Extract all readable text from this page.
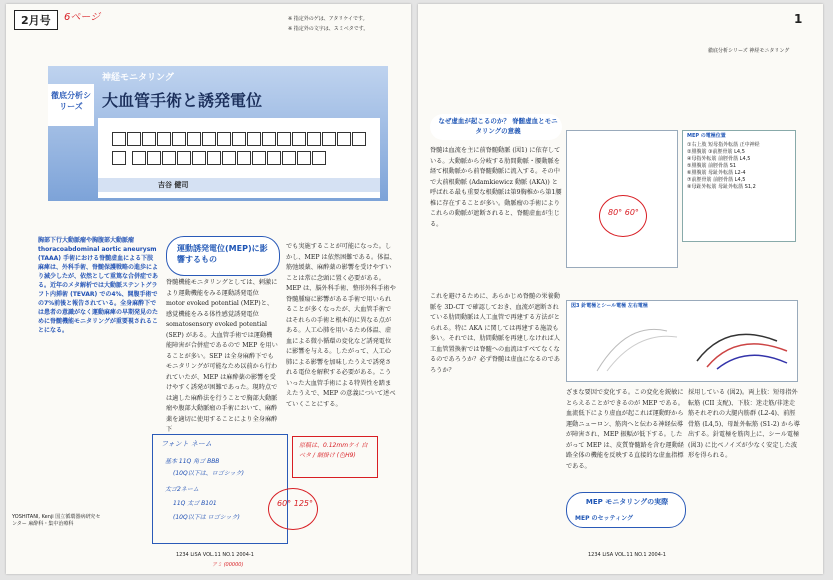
2月号	6ページ	※ 指定外のゲは、アタリケイです。
※ 指定外の文字は、スミベタです。
神経モニタリング
徹底分析シリーズ	大血管手術と誘発電位

吉谷 健司
胸部下行大動脈瘤や胸腹部大動脈瘤 thoracoabdominal aortic aneurysm (TAAA) 手術における脊髄虚血による下肢麻痺は、外科手術、脊髄保護戦略の進歩により減少したが、依然として重篤な合併症である。近年のメタ解析では大動脈ステントグラフト内挿術 (TEVAR) での4%、開腹手術での7%前後と報告されている。全身麻酔下では患者の意識がなく運動麻痺の早期発見のために脊髄機能モニタリングが重要視されることになる。
運動誘発電位(MEP)に影響するもの
脊髄機能モニタリングとしては、刺激により運動機能をみる運動誘発電位 motor evoked potential (MEP)と、感覚機能をみる体性感覚誘発電位 somatosensory evoked potential (SEP) がある。大血管手術では運動機能障害が合併症であるので MEP を用いることが多い。SEP は全身麻酔下でもモニタリングが可能なため以前から行われていたが、MEP は麻酔薬の影響を受けやすく誘発が困難であった。現時点では適した麻酔法を行うことで胸部大動脈瘤や腹部大動脈瘤の手術において、麻酔薬を適切に使用することにより全身麻酔下
でも実施することが可能になった。しかし、MEP は依然困難である。体温、筋弛緩薬、麻酔薬の影響を受けやすいことは常に念頭に置く必要がある。MEP は、脳外科手術、整形外科手術や脊髄腫瘍に影響がある手術で用いられることが多くなったが、大血管手術ではそれらの手術と根本的に異なる点がある。人工心肺を用いるため体温、虚血による微小循環の変化など誘発電位に影響を与える。したがって、人工心肺による影響を加味したうえで誘発される電位を解釈する必要がある。こういった大血管手術による特異性を踏まえたうえで、MEP の意義について述べていくことにする。
フォント ネーム
基本 11Q 角ゴ BBB
(10Q以下は、ロゴシック)
太ゴ2ネーム
11Q 太ゴ B101
(10Q以下は ロゴシック)
原稿は、0.12mmケイ 白ベタ / 網掛け (色H9)
60° 125°
YOSHITANI, Kenji 国立循環器病研究センター 麻酔科・集中治療科
1234 LiSA VOL.11 NO.1 2004-1
アミ (00000)
1
徹底分析シリーズ 神経モニタリング
なぜ虚血が起こるのか？ 脊髄虚血とモニタリングの意義
脊髄は血流を主に前脊髄動脈 (図1) に依存している。大動脈から分岐する肋間動脈・腰動脈を経て根動脈から前脊髄動脈に流入する。その中で大前根動脈 (Adamkiewicz 動脈 (AKA)) と呼ばれる最も重要な根動脈は第9胸椎から第1腰椎に存在することが多い。動脈瘤の手術によりこれらの動脈が遮断されると、脊髄虚血が生じる。
これを避けるために、あらかじめ脊髄の栄養動脈を 3D-CT で確認しておき、血流が遮断されている肋間動脈は人工血管で再建する方法がとられる。特に AKA に関しては再建する施設も多い。それでは、肋間動脈を再建しなければ人工血管置換術では脊髄への血流はすべてなくなるのであろうか？必ず脊髄は虚血になるのであろうか？
80° 60°
MEP の電極位置
①右上肢 短母指外転筋 正中神経
②腓腹筋 ③前脛骨筋 L4,5
④母指外転筋 前脛骨筋 L4,5
⑤腓腹筋 前脛骨筋 S1
⑥腓腹筋 母趾外転筋 L2-4
⑦前脛骨筋 前脛骨筋 L4,5
⑧母趾外転筋 母趾外転筋 S1,2
図3 針電極とシール電極 左右電極
ざまな要因で変化する。この変化を鋭敏にとらえることができるのが MEP である。血流低下により虚血が起これば運動野から運動ニューロン、筋肉へと伝わる神経伝導が障害され、MEP 振幅が低下する。したがって MEP は、皮質脊髄路を含む運動経路全体の機能を反映する直接的な虚血指標である。
採用している (図2)。両上肢：短母指外転筋 (CII 支配)、下肢：迷走筋/非迷走筋それぞれの大腿内筋群 (L2-4)、前脛骨筋 (L4,5)、母趾外転筋 (S1-2) から導出する。針電極を筋肉上に、シール電極 (図3) に比べノイズが少なく安定した波形を得られる。
MEP モニタリングの実際
MEP のセッティング
1234 LiSA VOL.11 NO.1 2004-1
